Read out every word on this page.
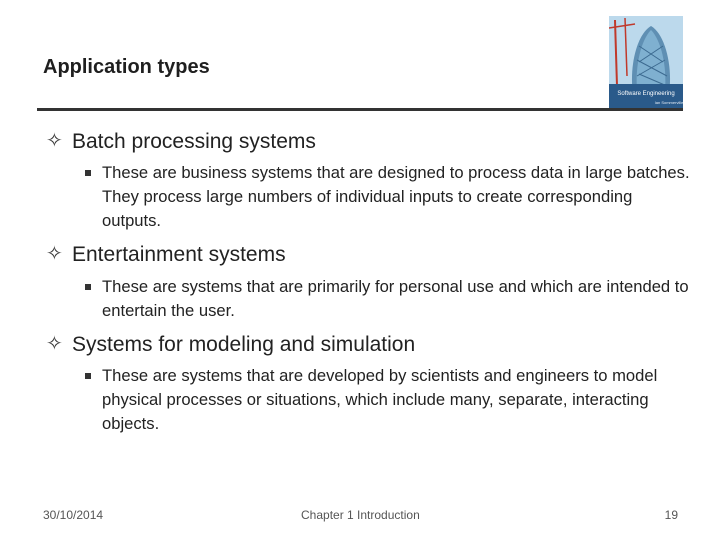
Application types
Software Engineering
Ian Sommerville
✧ Batch processing systems
These are business systems that are designed to process data in large batches. They process large numbers of individual inputs to create corresponding outputs.
✧ Entertainment systems
These are systems that are primarily for personal use and which are intended to entertain the user.
✧ Systems for modeling and simulation
These are systems that are developed by scientists and engineers to model physical processes or situations, which include many, separate, interacting objects.
30/10/2014	Chapter 1 Introduction	19
